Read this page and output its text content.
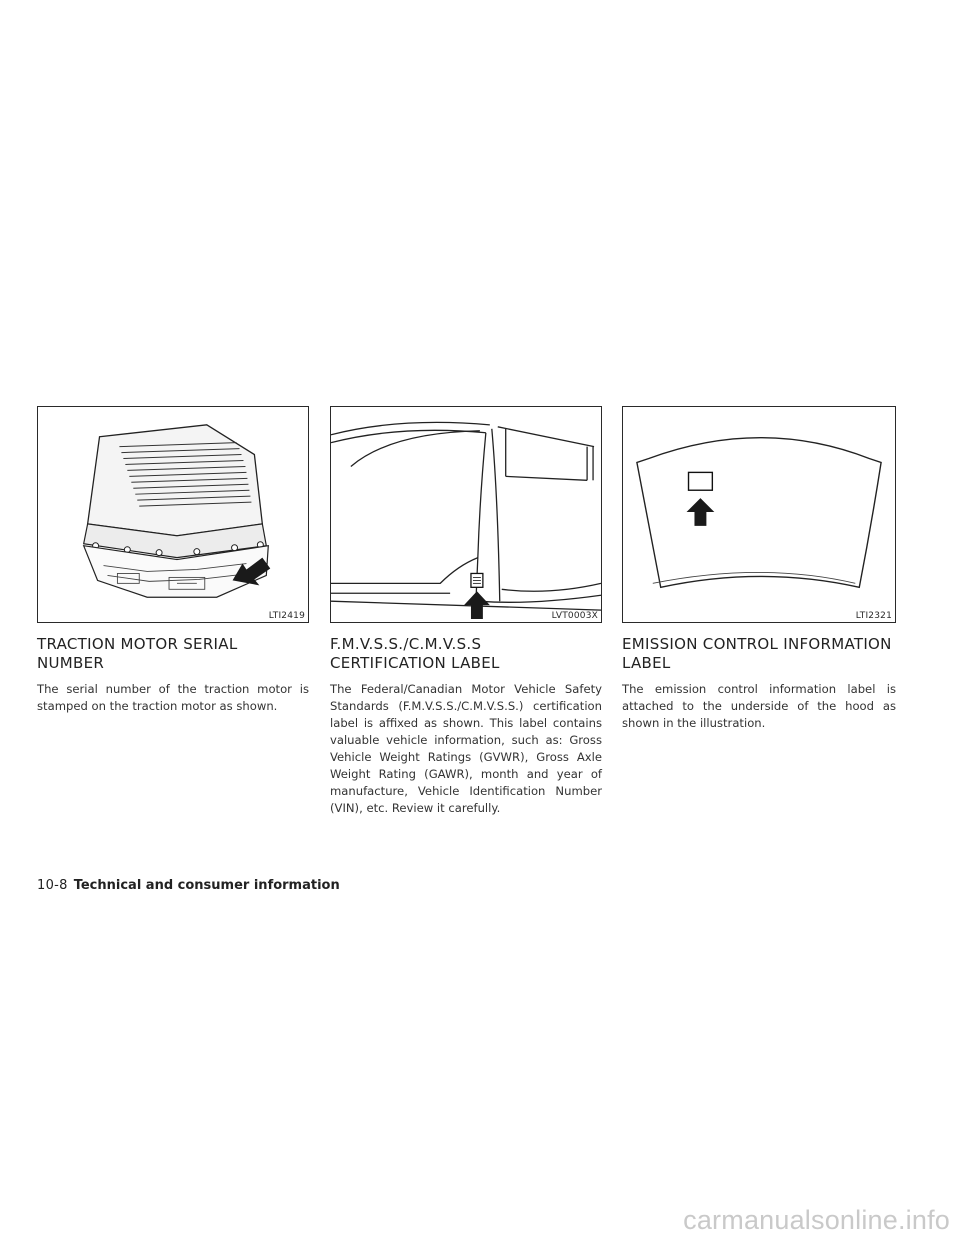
LTI2419
TRACTION MOTOR SERIAL NUMBER

The serial number of the traction motor is stamped on the traction motor as shown.

LVT0003X
F.M.V.S.S./C.M.V.S.S CERTIFICATION LABEL

The Federal/Canadian Motor Vehicle Safety Standards (F.M.V.S.S./C.M.V.S.S.) certification label is affixed as shown. This label contains valuable vehicle information, such as: Gross Vehicle Weight Ratings (GVWR), Gross Axle Weight Rating (GAWR), month and year of manufacture, Vehicle Identification Number (VIN), etc. Review it carefully.

LTI2321
EMISSION CONTROL INFORMATION LABEL

The emission control information label is attached to the underside of the hood as shown in the illustration.

10-8 Technical and consumer information
carmanualsonline.info
